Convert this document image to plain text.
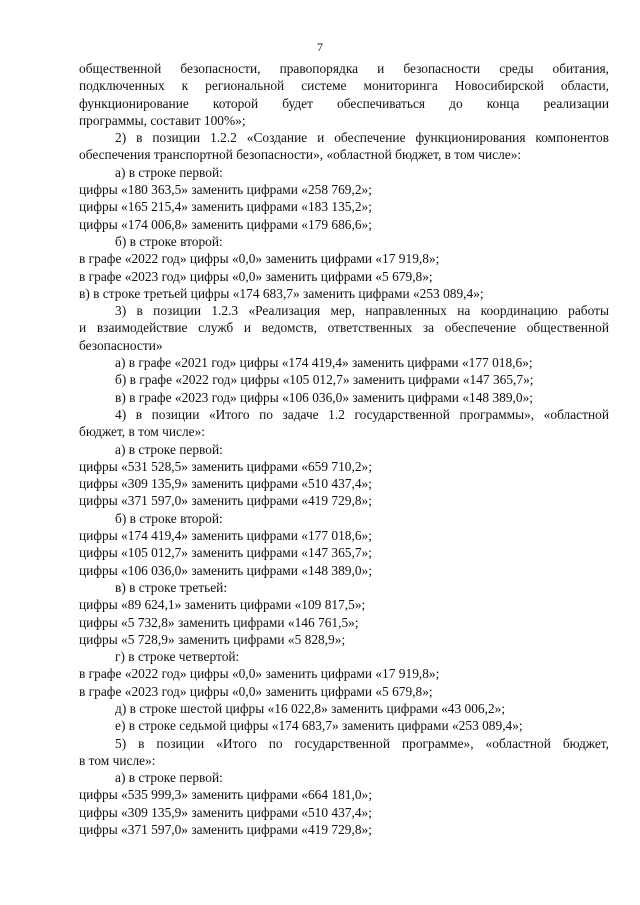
7
общественной безопасности, правопорядка и безопасности среды обитания,
подключенных к региональной системе мониторинга Новосибирской области,
функционирование которой будет обеспечиваться до конца реализации
программы, составит 100%»;
2) в позиции 1.2.2 «Создание и обеспечение функционирования компонентов
обеспечения транспортной безопасности», «областной бюджет, в том числе»:
а) в строке первой:
цифры «180 363,5» заменить цифрами «258 769,2»;
цифры «165 215,4» заменить цифрами «183 135,2»;
цифры «174 006,8» заменить цифрами «179 686,6»;
б) в строке второй:
в графе «2022 год» цифры «0,0» заменить цифрами «17 919,8»;
в графе «2023 год» цифры «0,0» заменить цифрами «5 679,8»;
в) в строке третьей цифры «174 683,7» заменить цифрами «253 089,4»;
3) в позиции 1.2.3 «Реализация мер, направленных на координацию работы
и взаимодействие служб и ведомств, ответственных за обеспечение общественной
безопасности»
а) в графе «2021 год» цифры «174 419,4» заменить цифрами «177 018,6»;
б) в графе «2022 год» цифры «105 012,7» заменить цифрами «147 365,7»;
в) в графе «2023 год» цифры «106 036,0» заменить цифрами «148 389,0»;
4) в позиции «Итого по задаче 1.2 государственной программы», «областной
бюджет, в том числе»:
а) в строке первой:
цифры «531 528,5» заменить цифрами «659 710,2»;
цифры «309 135,9» заменить цифрами «510 437,4»;
цифры «371 597,0» заменить цифрами «419 729,8»;
б) в строке второй:
цифры «174 419,4» заменить цифрами «177 018,6»;
цифры «105 012,7» заменить цифрами «147 365,7»;
цифры «106 036,0» заменить цифрами «148 389,0»;
в) в строке третьей:
цифры «89 624,1» заменить цифрами «109 817,5»;
цифры «5 732,8» заменить цифрами «146 761,5»;
цифры «5 728,9» заменить цифрами «5 828,9»;
г) в строке четвертой:
в графе «2022 год» цифры «0,0» заменить цифрами «17 919,8»;
в графе «2023 год» цифры «0,0» заменить цифрами «5 679,8»;
д) в строке шестой цифры «16 022,8» заменить цифрами «43 006,2»;
е) в строке седьмой цифры «174 683,7» заменить цифрами «253 089,4»;
5) в позиции «Итого по государственной программе», «областной бюджет,
в том числе»:
а) в строке первой:
цифры «535 999,3» заменить цифрами «664 181,0»;
цифры «309 135,9» заменить цифрами «510 437,4»;
цифры «371 597,0» заменить цифрами «419 729,8»;
